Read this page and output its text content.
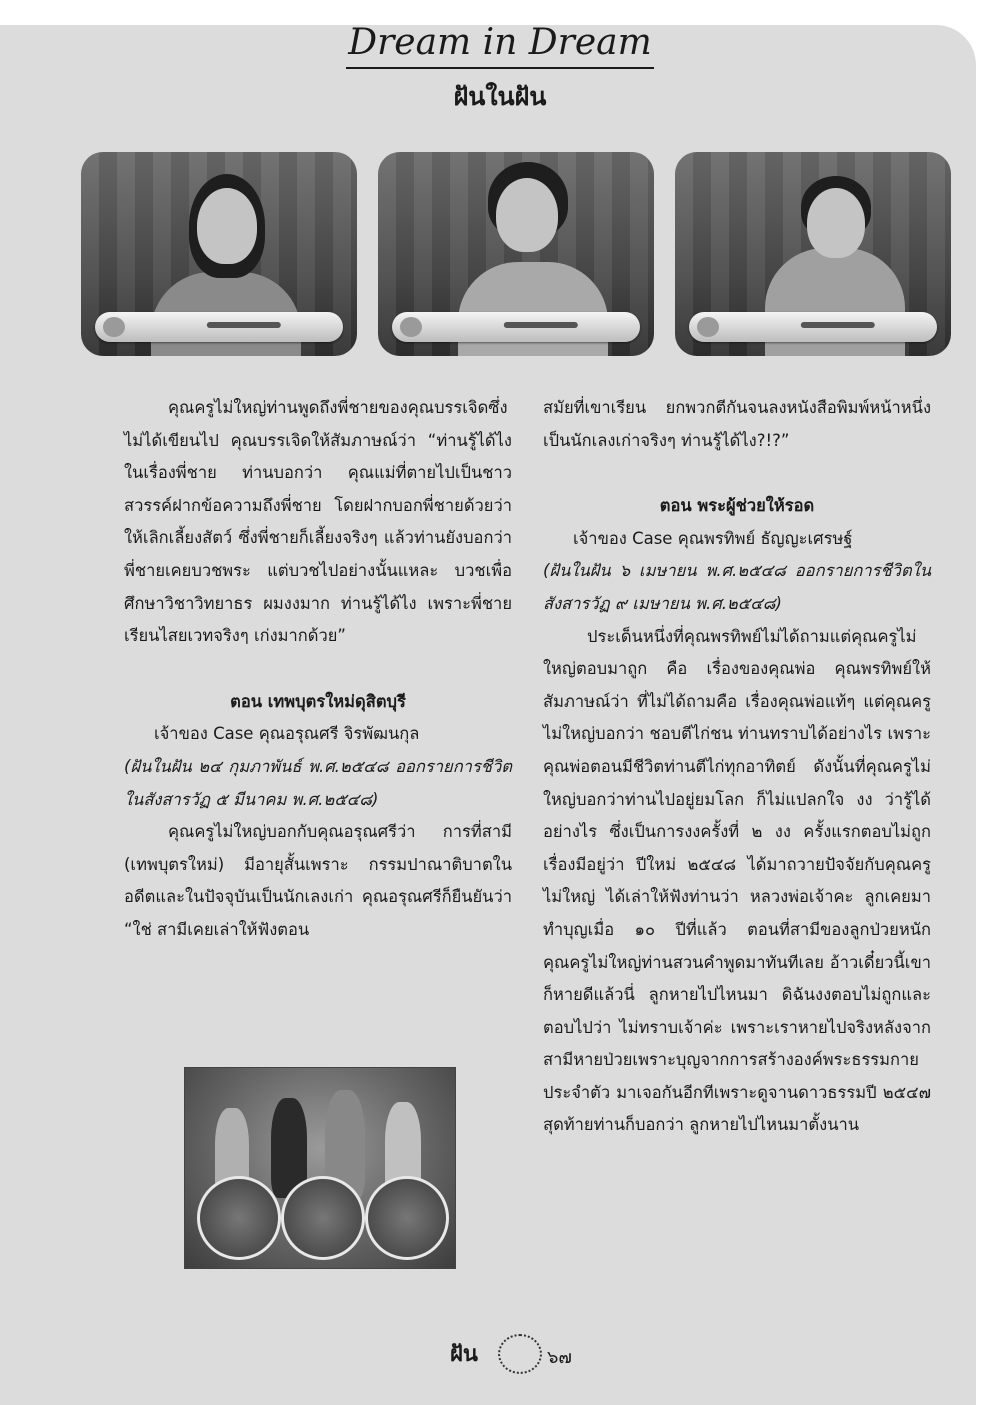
Dream in Dream
ฝันในฝัน

คุณครูไม่ใหญ่ท่านพูดถึงพี่ชายของคุณบรรเจิดซึ่งไม่ได้เขียนไป คุณบรรเจิดให้สัมภาษณ์ว่า “ท่านรู้ได้ไง ในเรื่องพี่ชาย ท่านบอกว่า คุณแม่ที่ตายไปเป็นชาวสวรรค์ฝากข้อความถึงพี่ชาย โดยฝากบอกพี่ชายด้วยว่าให้เลิกเลี้ยงสัตว์ ซึ่งพี่ชายก็เลี้ยงจริงๆ แล้วท่านยังบอกว่า พี่ชายเคยบวชพระ แต่บวชไปอย่างนั้นแหละ บวชเพื่อศึกษาวิชาวิทยาธร ผมงงมาก ท่านรู้ได้ไง เพราะพี่ชายเรียนไสยเวทจริงๆ เก่งมากด้วย”

ตอน เทพบุตรใหม่ดุสิตบุรี

เจ้าของ Case คุณอรุณศรี จิรพัฒนกุล

(ฝันในฝัน ๒๔ กุมภาพันธ์ พ.ศ.๒๕๔๘ ออกรายการชีวิตในสังสารวัฏ ๕ มีนาคม พ.ศ.๒๕๔๘)

คุณครูไม่ใหญ่บอกกับคุณอรุณศรีว่า การที่สามี (เทพบุตรใหม่) มีอายุสั้นเพราะ กรรมปาณาติบาตในอดีตและในปัจจุบันเป็นนักเลงเก่า คุณอรุณศรีก็ยืนยันว่า “ใช่ สามีเคยเล่าให้ฟังตอน

สมัยที่เขาเรียน ยกพวกตีกันจนลงหนังสือพิมพ์หน้าหนึ่ง เป็นนักเลงเก่าจริงๆ ท่านรู้ได้ไง?!?”

ตอน พระผู้ช่วยให้รอด

เจ้าของ Case คุณพรทิพย์ ธัญญะเศรษฐ์

(ฝันในฝัน ๖ เมษายน พ.ศ.๒๕๔๘ ออกรายการชีวิตในสังสารวัฏ ๙ เมษายน พ.ศ.๒๕๔๘)

ประเด็นหนึ่งที่คุณพรทิพย์ไม่ได้ถามแต่คุณครูไม่ใหญ่ตอบมาถูก คือ เรื่องของคุณพ่อ คุณพรทิพย์ให้สัมภาษณ์ว่า ที่ไม่ได้ถามคือ เรื่องคุณพ่อแท้ๆ แต่คุณครูไม่ใหญ่บอกว่า ชอบตีไก่ชน ท่านทราบได้อย่างไร เพราะคุณพ่อตอนมีชีวิตท่านตีไก่ทุกอาทิตย์ ดังนั้นที่คุณครูไม่ใหญ่บอกว่าท่านไปอยู่ยมโลก ก็ไม่แปลกใจ งง ว่ารู้ได้อย่างไร ซึ่งเป็นการงงครั้งที่ ๒ งง ครั้งแรกตอบไม่ถูกเรื่องมีอยู่ว่า ปีใหม่ ๒๕๔๘ ได้มาถวายปัจจัยกับคุณครูไม่ใหญ่ ได้เล่าให้ฟังท่านว่า หลวงพ่อเจ้าคะ ลูกเคยมาทำบุญเมื่อ ๑๐ ปีที่แล้ว ตอนที่สามีของลูกป่วยหนัก คุณครูไม่ใหญ่ท่านสวนคำพูดมาทันทีเลย อ้าวเดี๋ยวนี้เขาก็หายดีแล้วนี่ ลูกหายไปไหนมา ดิฉันงงตอบไม่ถูกและตอบไปว่า ไม่ทราบเจ้าค่ะ เพราะเราหายไปจริงหลังจากสามีหายป่วยเพราะบุญจากการสร้างองค์พระธรรมกายประจำตัว มาเจอกันอีกทีเพราะดูจานดาวธรรมปี ๒๕๔๗ สุดท้ายท่านก็บอกว่า ลูกหายไปไหนมาตั้งนาน

ฝัน	๖๗
